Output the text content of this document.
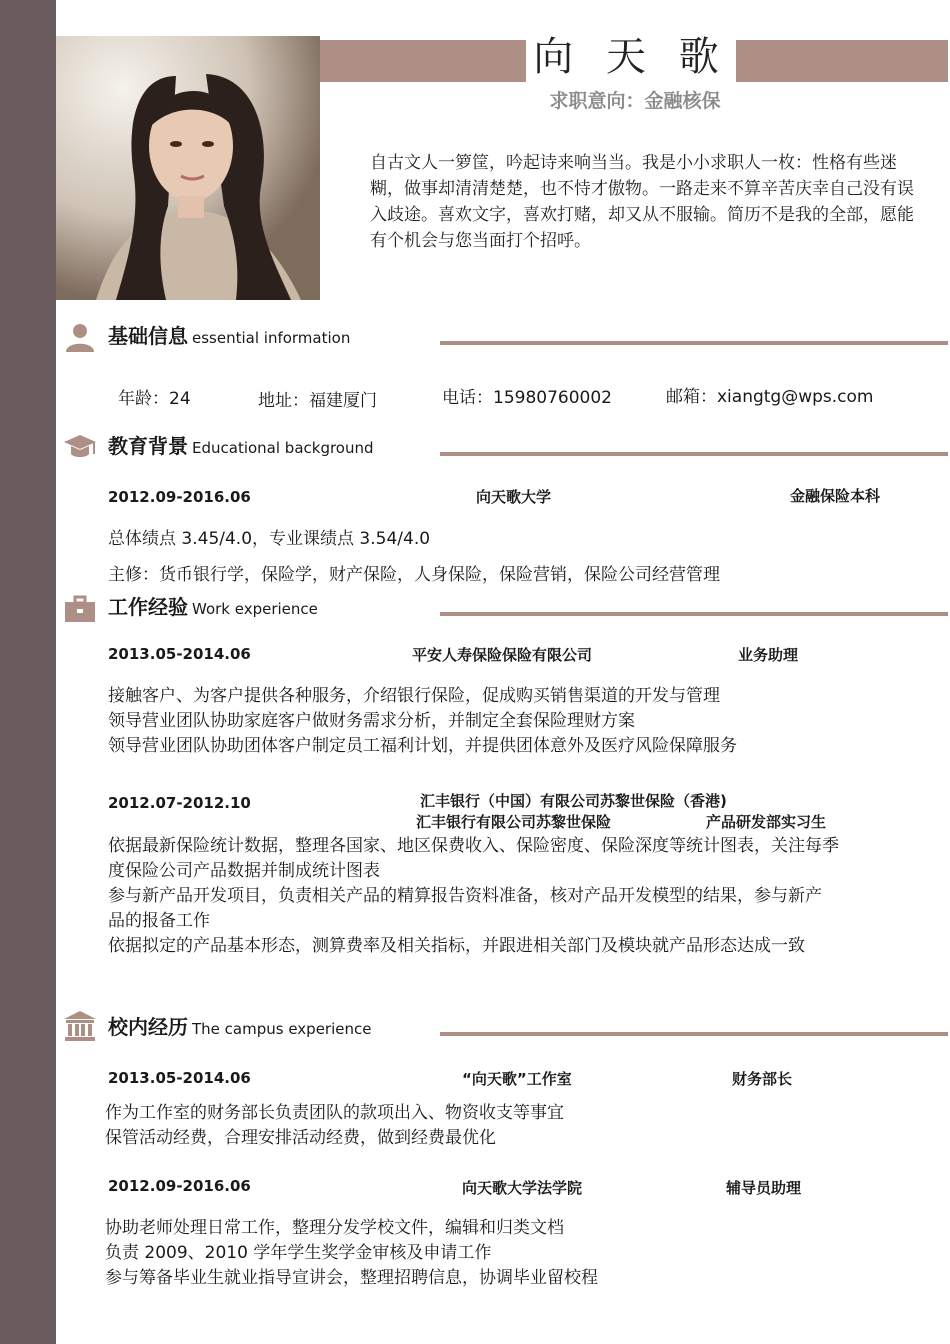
向 天 歌
求职意向：金融核保
自古文人一箩筐，吟起诗来响当当。我是小小求职人一枚：性格有些迷糊，做事却清清楚楚，也不恃才傲物。一路走来不算辛苦庆幸自己没有误入歧途。喜欢文字，喜欢打赌，却又从不服输。简历不是我的全部，愿能有个机会与您当面打个招呼。
基础信息 essential information
年龄：24	地址：福建厦门	电话：15980760002	邮箱：xiangtg@wps.com
教育背景 Educational background
2012.09-2016.06	向天歌大学	金融保险本科
总体绩点 3.45/4.0，专业课绩点 3.54/4.0
主修：货币银行学，保险学，财产保险，人身保险，保险营销，保险公司经营管理
工作经验 Work experience
2013.05-2014.06	平安人寿保险保险有限公司	业务助理
接触客户、为客户提供各种服务，介绍银行保险，促成购买销售渠道的开发与管理
领导营业团队协助家庭客户做财务需求分析，并制定全套保险理财方案
领导营业团队协助团体客户制定员工福利计划，并提供团体意外及医疗风险保障服务
2012.07-2012.10	汇丰银行（中国）有限公司苏黎世保险（香港)
汇丰银行有限公司苏黎世保险	产品研发部实习生
依据最新保险统计数据，整理各国家、地区保费收入、保险密度、保险深度等统计图表，关注每季
度保险公司产品数据并制成统计图表
参与新产品开发项目，负责相关产品的精算报告资料准备，核对产品开发模型的结果，参与新产
品的报备工作
依据拟定的产品基本形态，测算费率及相关指标，并跟进相关部门及模块就产品形态达成一致
校内经历 The campus experience
2013.05-2014.06	“向天歌”工作室	财务部长
作为工作室的财务部长负责团队的款项出入、物资收支等事宜
保管活动经费，合理安排活动经费，做到经费最优化
2012.09-2016.06	向天歌大学法学院	辅导员助理
协助老师处理日常工作，整理分发学校文件，编辑和归类文档
负责 2009、2010 学年学生奖学金审核及申请工作
参与筹备毕业生就业指导宣讲会，整理招聘信息，协调毕业留校程
